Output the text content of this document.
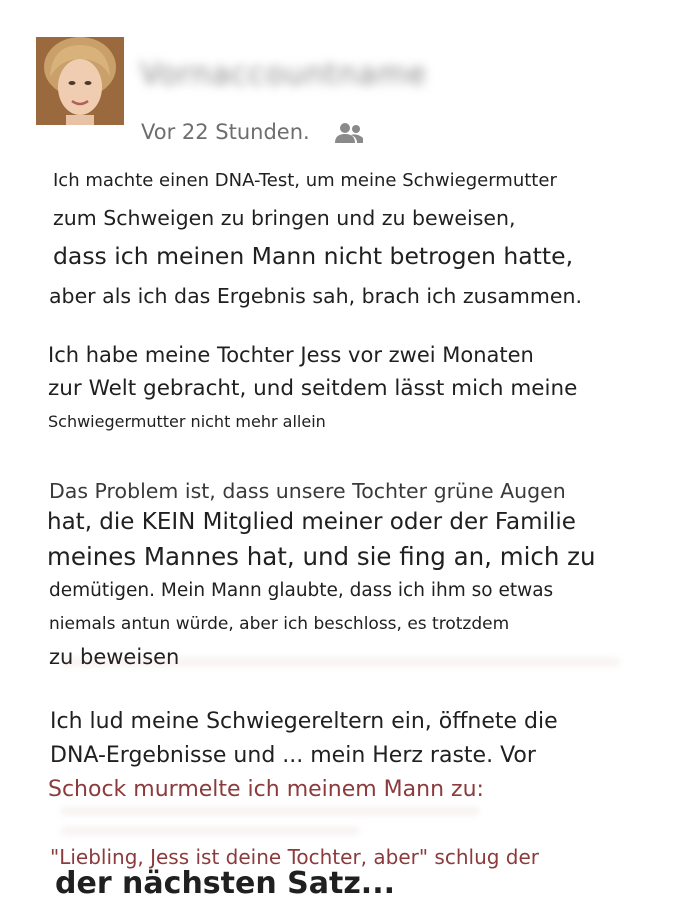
Vornaccountname
Vor 22 Stunden.
Ich machte einen DNA-Test, um meine Schwiegermutter
zum Schweigen zu bringen und zu beweisen,
dass ich meinen Mann nicht betrogen hatte,
aber als ich das Ergebnis sah, brach ich zusammen.
Ich habe meine Tochter Jess vor zwei Monaten
zur Welt gebracht, und seitdem lässt mich meine
Schwiegermutter nicht mehr allein
Das Problem ist, dass unsere Tochter grüne Augen
hat, die KEIN Mitglied meiner oder der Familie
meines Mannes hat, und sie fing an, mich zu
demütigen. Mein Mann glaubte, dass ich ihm so etwas
niemals antun würde, aber ich beschloss, es trotzdem
zu beweisen
Ich lud meine Schwiegereltern ein, öffnete die
DNA-Ergebnisse und ... mein Herz raste. Vor
Schock murmelte ich meinem Mann zu:
"Liebling, Jess ist deine Tochter, aber" schlug der
der nächsten Satz...
